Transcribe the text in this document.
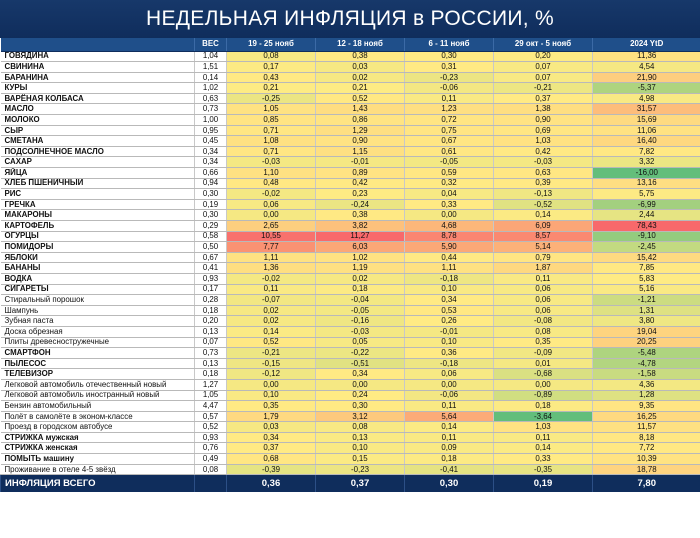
НЕДЕЛЬНАЯ ИНФЛЯЦИЯ в РОССИИ, %
	ВЕС	19 - 25 нояб	12 - 18 нояб	6 - 11 нояб	29 окт - 5 нояб	2024 YtD
ГОВЯДИНА	1,04	0,08	0,38	0,30	0,20	11,36
СВИНИНА	1,51	0,17	0,03	0,31	0,07	4,54
БАРАНИНА	0,14	0,43	0,02	-0,23	0,07	21,90
КУРЫ	1,02	0,21	0,21	-0,06	-0,21	-5,37
ВАРЁНАЯ КОЛБАСА	0,63	-0,25	0,52	0,11	0,37	4,98
МАСЛО	0,73	1,05	1,43	1,23	1,38	31,57
МОЛОКО	1,00	0,85	0,86	0,72	0,90	15,69
СЫР	0,95	0,71	1,29	0,75	0,69	11,06
СМЕТАНА	0,45	1,08	0,90	0,67	1,03	16,40
ПОДСОЛНЕЧНОЕ МАСЛО	0,34	0,71	1,15	0,61	0,42	7,82
САХАР	0,34	-0,03	-0,01	-0,05	-0,03	3,32
ЯЙЦА	0,66	1,10	0,89	0,59	0,63	-16,00
ХЛЕБ ПШЕНИЧНЫЙ	0,94	0,48	0,42	0,32	0,39	13,16
РИС	0,30	-0,02	0,23	0,04	-0,13	5,75
ГРЕЧКА	0,19	0,06	-0,24	0,33	-0,52	-6,99
МАКАРОНЫ	0,30	0,00	0,38	0,00	0,14	2,44
КАРТОФЕЛЬ	0,29	2,65	3,82	4,68	6,09	78,43
ОГУРЦЫ	0,58	10,55	11,27	8,78	8,57	-9,10
ПОМИДОРЫ	0,50	7,77	6,03	5,90	5,14	-2,45
ЯБЛОКИ	0,67	1,11	1,02	0,44	0,79	15,42
БАНАНЫ	0,41	1,36	1,19	1,11	1,87	7,85
ВОДКА	0,93	-0,02	0,02	-0,18	0,11	5,83
СИГАРЕТЫ	0,17	0,11	0,18	0,10	0,06	5,16
Стиральный порошок	0,28	-0,07	-0,04	0,34	0,06	-1,21
Шампунь	0,18	0,02	-0,05	0,53	0,06	1,31
Зубная паста	0,20	0,02	-0,16	0,26	-0,08	3,80
Доска обрезная	0,13	0,14	-0,03	-0,01	0,08	19,04
Плиты древесностружечные	0,07	0,52	0,05	0,10	0,35	20,25
СМАРТФОН	0,73	-0,21	-0,22	0,36	-0,09	-5,48
ПЫЛЕСОС	0,13	-0,15	-0,51	-0,18	0,01	-4,78
ТЕЛЕВИЗОР	0,18	-0,12	0,34	0,06	-0,68	-1,58
Легковой автомобиль отечественный новый	1,27	0,00	0,00	0,00	0,00	4,36
Легковой автомобиль иностранный новый	1,05	0,10	0,24	-0,06	-0,89	1,28
Бензин автомобильный	4,47	0,35	0,30	0,11	0,18	9,35
Полёт в самолёте в эконом-классе	0,57	1,79	3,12	5,64	-3,64	16,25
Проезд в городском автобусе	0,52	0,03	0,08	0,14	1,03	11,57
СТРИЖКА мужская	0,93	0,34	0,13	0,11	0,11	8,18
СТРИЖКА женская	0,76	0,37	0,10	0,09	0,14	7,72
ПОМЫТЬ машину	0,49	0,68	0,15	0,18	0,33	10,39
Проживание в отеле 4-5 звёзд	0,08	-0,39	-0,23	-0,41	-0,35	18,78
ИНФЛЯЦИЯ ВСЕГО		0,36	0,37	0,30	0,19	7,80
